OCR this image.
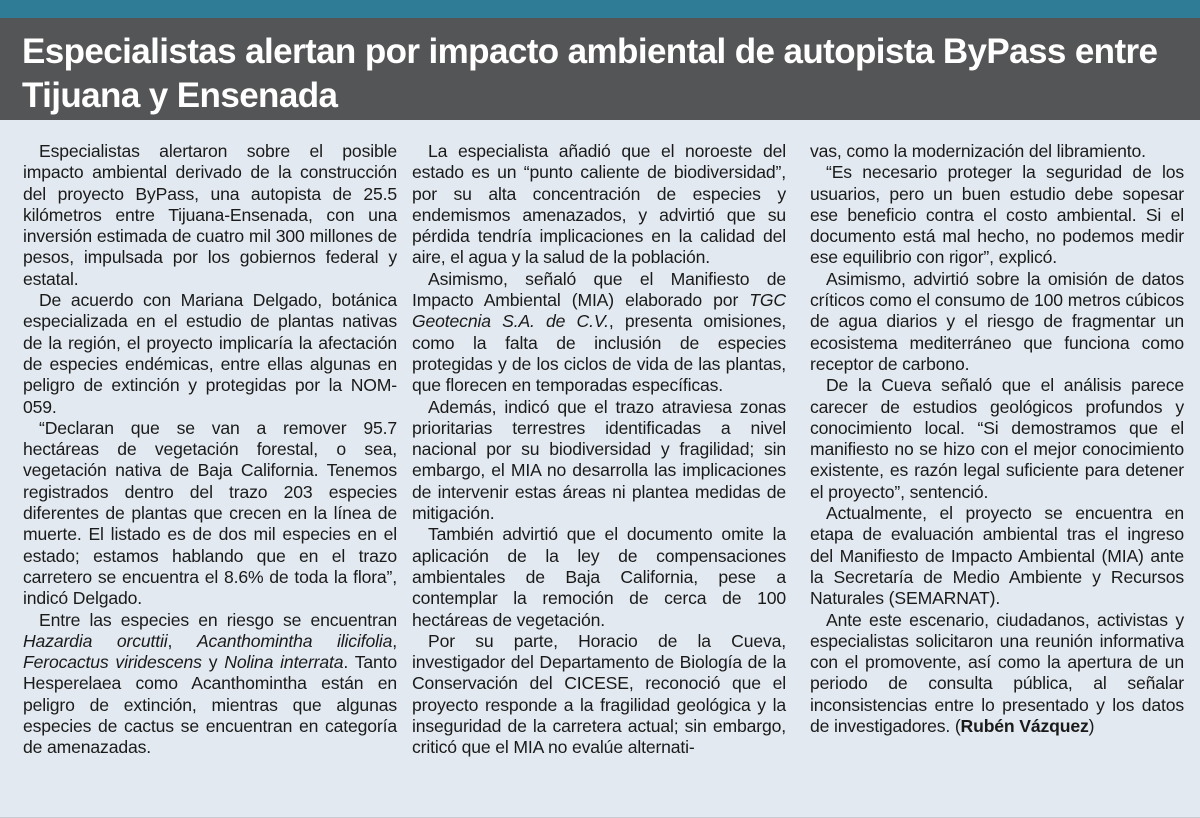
Especialistas alertan por impacto ambiental de autopista ByPass entre Tijuana y Ensenada

Especialistas alertaron sobre el posible impacto ambiental derivado de la construcción del proyecto ByPass, una autopista de 25.5 kilómetros entre Tijuana-Ensenada, con una inversión estimada de cuatro mil 300 millones de pesos, impulsada por los gobiernos federal y estatal.

De acuerdo con Mariana Delgado, botánica especializada en el estudio de plantas nativas de la región, el proyecto implicaría la afectación de especies endémicas, entre ellas algunas en peligro de extinción y protegidas por la NOM-059.

“Declaran que se van a remover 95.7 hectáreas de vegetación forestal, o sea, vegetación nativa de Baja California. Tenemos registrados dentro del trazo 203 especies diferentes de plantas que crecen en la línea de muerte. El listado es de dos mil especies en el estado; estamos hablando que en el trazo carretero se encuentra el 8.6% de toda la flora”, indicó Delgado.

Entre las especies en riesgo se encuentran Hazardia orcuttii, Acanthomintha ilicifolia, Ferocactus viridescens y Nolina interrata. Tanto Hesperelaea como Acanthomintha están en peligro de extinción, mientras que algunas especies de cactus se encuentran en categoría de amenazadas.

La especialista añadió que el noroeste del estado es un “punto caliente de biodiversidad”, por su alta concentración de especies y endemismos amenazados, y advirtió que su pérdida tendría implicaciones en la calidad del aire, el agua y la salud de la población.

Asimismo, señaló que el Manifiesto de Impacto Ambiental (MIA) elaborado por TGC Geotecnia S.A. de C.V., presenta omisiones, como la falta de inclusión de especies protegidas y de los ciclos de vida de las plantas, que florecen en temporadas específicas.

Además, indicó que el trazo atraviesa zonas prioritarias terrestres identificadas a nivel nacional por su biodiversidad y fragilidad; sin embargo, el MIA no desarrolla las implicaciones de intervenir estas áreas ni plantea medidas de mitigación.

También advirtió que el documento omite la aplicación de la ley de compensaciones ambientales de Baja California, pese a contemplar la remoción de cerca de 100 hectáreas de vegetación.

Por su parte, Horacio de la Cueva, investigador del Departamento de Biología de la Conservación del CICESE, reconoció que el proyecto responde a la fragilidad geológica y la inseguridad de la carretera actual; sin embargo, criticó que el MIA no evalúe alternati-

vas, como la modernización del libramiento.

“Es necesario proteger la seguridad de los usuarios, pero un buen estudio debe sopesar ese beneficio contra el costo ambiental. Si el documento está mal hecho, no podemos medir ese equilibrio con rigor”, explicó.

Asimismo, advirtió sobre la omisión de datos críticos como el consumo de 100 metros cúbicos de agua diarios y el riesgo de fragmentar un ecosistema mediterráneo que funciona como receptor de carbono.

De la Cueva señaló que el análisis parece carecer de estudios geológicos profundos y conocimiento local. “Si demostramos que el manifiesto no se hizo con el mejor conocimiento existente, es razón legal suficiente para detener el proyecto”, sentenció.

Actualmente, el proyecto se encuentra en etapa de evaluación ambiental tras el ingreso del Manifiesto de Impacto Ambiental (MIA) ante la Secretaría de Medio Ambiente y Recursos Naturales (SEMARNAT).

Ante este escenario, ciudadanos, activistas y especialistas solicitaron una reunión informativa con el promovente, así como la apertura de un periodo de consulta pública, al señalar inconsistencias entre lo presentado y los datos de investigadores. (Rubén Vázquez)
